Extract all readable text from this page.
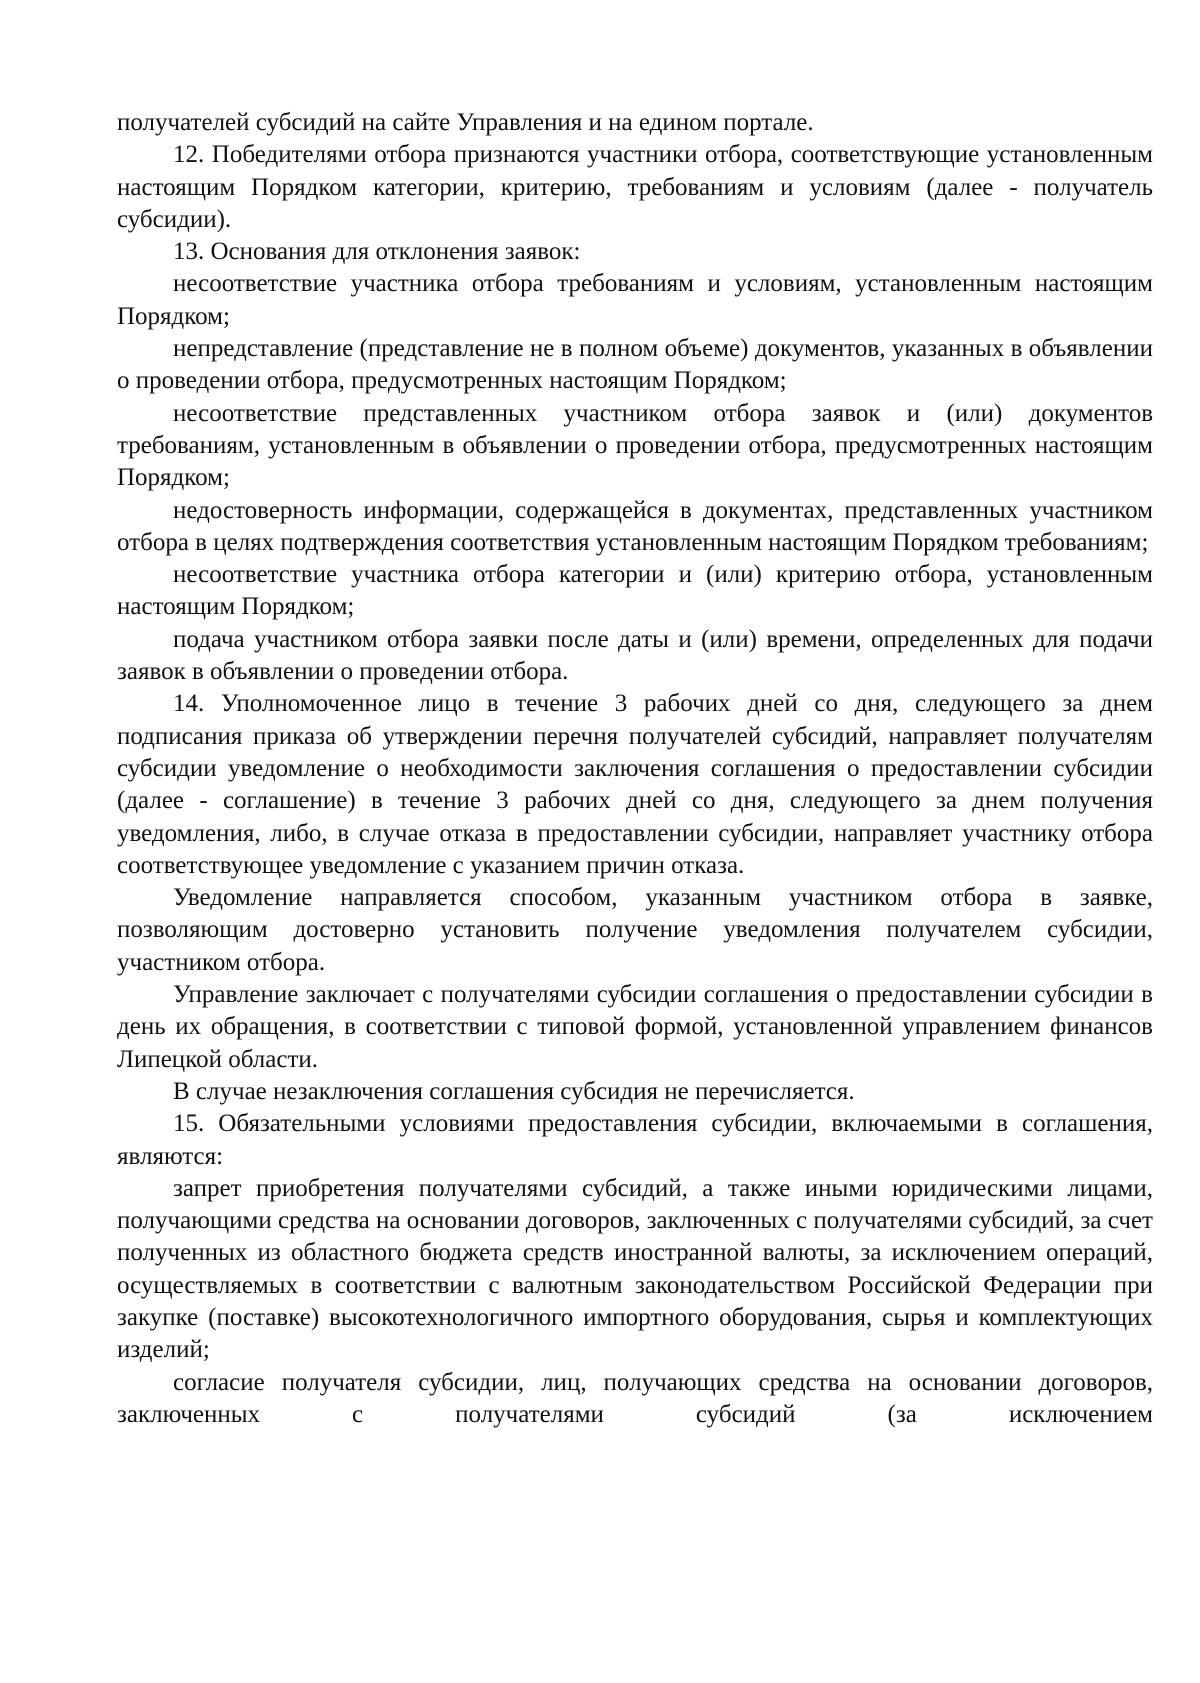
получателей субсидий на сайте Управления и на едином портале.

12. Победителями отбора признаются участники отбора, соответствующие установленным настоящим Порядком категории, критерию, требованиям и условиям (далее - получатель субсидии).

13. Основания для отклонения заявок:

несоответствие участника отбора требованиям и условиям, установленным настоящим Порядком;

непредставление (представление не в полном объеме) документов, указанных в объявлении о проведении отбора, предусмотренных настоящим Порядком;

несоответствие представленных участником отбора заявок и (или) документов требованиям, установленным в объявлении о проведении отбора, предусмотренных настоящим Порядком;

недостоверность информации, содержащейся в документах, представленных участником отбора в целях подтверждения соответствия установленным настоящим Порядком требованиям;

несоответствие участника отбора категории и (или) критерию отбора, установленным настоящим Порядком;

подача участником отбора заявки после даты и (или) времени, определенных для подачи заявок в объявлении о проведении отбора.

14. Уполномоченное лицо в течение 3 рабочих дней со дня, следующего за днем подписания приказа об утверждении перечня получателей субсидий, направляет получателям субсидии уведомление о необходимости заключения соглашения о предоставлении субсидии (далее - соглашение) в течение 3 рабочих дней со дня, следующего за днем получения уведомления, либо, в случае отказа в предоставлении субсидии, направляет участнику отбора соответствующее уведомление с указанием причин отказа.

Уведомление направляется способом, указанным участником отбора в заявке, позволяющим достоверно установить получение уведомления получателем субсидии, участником отбора.

Управление заключает с получателями субсидии соглашения о предоставлении субсидии в день их обращения, в соответствии с типовой формой, установленной управлением финансов Липецкой области.

В случае незаключения соглашения субсидия не перечисляется.

15. Обязательными условиями предоставления субсидии, включаемыми в соглашения, являются:

запрет приобретения получателями субсидий, а также иными юридическими лицами, получающими средства на основании договоров, заключенных с получателями субсидий, за счет полученных из областного бюджета средств иностранной валюты, за исключением операций, осуществляемых в соответствии с валютным законодательством Российской Федерации при закупке (поставке) высокотехнологичного импортного оборудования, сырья и комплектующих изделий;

согласие получателя субсидии, лиц, получающих средства на основании договоров, заключенных с получателями субсидий (за исключением
